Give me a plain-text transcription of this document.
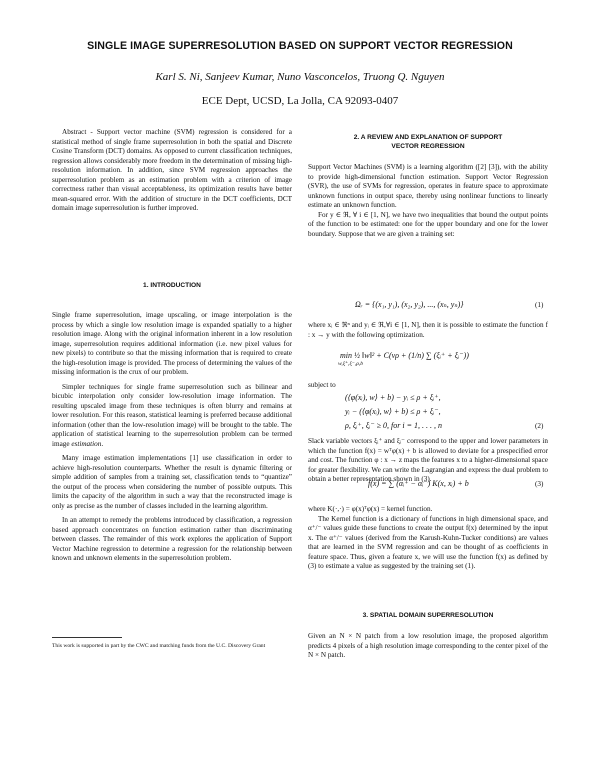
SINGLE IMAGE SUPERRESOLUTION BASED ON SUPPORT VECTOR REGRESSION
Karl S. Ni, Sanjeev Kumar, Nuno Vasconcelos, Truong Q. Nguyen
ECE Dept, UCSD, La Jolla, CA 92093-0407

Abstract - Support vector machine (SVM) regression is considered for a statistical method of single frame superresolution in both the spatial and Discrete Cosine Transform (DCT) domains. As opposed to current classification techniques, regression allows considerably more freedom in the determination of missing high-resolution information. In addition, since SVM regression approaches the superresolution problem as an estimation problem with a criterion of image correctness rather than visual acceptableness, its optimization results have better mean-squared error. With the addition of structure in the DCT coefficients, DCT domain image superresolution is further improved.

1. INTRODUCTION

Single frame superresolution, image upscaling, or image interpolation is the process by which a single low resolution image is expanded spatially to a higher resolution image. Along with the original information inherent in a low resolution image, superresolution requires additional information (i.e. new pixel values for new pixels) to contribute so that the missing information that is required to create the high-resolution image is provided. The process of determining the values of the missing information is the crux of our problem.

Simpler techniques for single frame superresolution such as bilinear and bicubic interpolation only consider low-resolution image information. The resulting upscaled image from these techniques is often blurry and remains at lower resolution. For this reason, statistical learning is preferred because additional information (other than the low-resolution image) will be brought to the table. The application of statistical learning to the superresolution problem can be termed image estimation.

Many image estimation implementations [1] use classification in order to achieve high-resolution counterparts. Whether the result is dynamic filtering or simple addition of samples from a training set, classification tends to “quantize” the output of the process when considering the number of possible outputs. This limits the capacity of the algorithm in such a way that the reconstructed image is only as precise as the number of classes included in the learning algorithm.

In an attempt to remedy the problems introduced by classification, a regression based approach concentrates on function estimation rather than discriminating between classes. The remainder of this work explores the application of Support Vector Machine regression to determine a regression for the relationship between known and unknown elements in the superresolution problem.

This work is supported in part by the CWC and matching funds from the U.C. Discovery Grant
2. A REVIEW AND EXPLANATION OF SUPPORT
VECTOR REGRESSION

Support Vector Machines (SVM) is a learning algorithm ([2] [3]), with the ability to provide high-dimensional function estimation. Support Vector Regression (SVR), the use of SVMs for regression, operates in feature space to approximate unknown functions in output space, thereby using nonlinear functions to linearly estimate an unknown function.

For y ∈ ℜ, ∀ i ∈ [1, N], we have two inequalities that bound the output points of the function to be estimated: one for the upper boundary and one for the lower boundary. Suppose that we are given a training set:

Ωᵣ = {(x₁, y₁), (x₂, y₂), ..., (xₙ, yₙ)}	(1)

where xᵢ ∈ ℜⁿ and yᵢ ∈ ℜ,∀i ∈ [1, N], then it is possible to estimate the function f : x → y with the following optimization.

min ½ ‖w‖² + C(νρ + (1/n) ∑ (ξᵢ⁺ + ξᵢ⁻))
w,ξ⁺,ξ⁻,ρ,b

subject to

(⟨φ(xᵢ), w⟩ + b) − yᵢ ≤ ρ + ξᵢ⁺,
yᵢ − (⟨φ(xᵢ), w⟩ + b) ≤ ρ + ξᵢ⁻,
ρ, ξᵢ⁺, ξᵢ⁻ ≥ 0, for i = 1, . . . , n	(2)

Slack variable vectors ξᵢ⁺ and ξᵢ⁻ correspond to the upper and lower parameters in which the function f(x) = wᵀφ(x) + b is allowed to deviate for a prespecified error and cost. The function φ : x → z maps the features x to a higher-dimensional space for greater flexibility. We can write the Lagrangian and express the dual problem to obtain a better representation shown in (3).

f(x) = ∑ (αᵢ⁺ − αᵢ⁻) K(x, xᵢ) + b	(3)

where K(·,·) = φ(x)ᵀφ(x) = kernel function.

The Kernel function is a dictionary of functions in high dimensional space, and α⁺/⁻ values guide these functions to create the output f(x) determined by the input x. The α⁺/⁻ values (derived from the Karush-Kuhn-Tucker conditions) are values that are learned in the SVM regression and can be thought of as coefficients in feature space. Thus, given a feature x, we will use the function f(x) as defined by (3) to estimate a value as suggested by the training set (1).

3. SPATIAL DOMAIN SUPERRESOLUTION

Given an N × N patch from a low resolution image, the proposed algorithm predicts 4 pixels of a high resolution image corresponding to the center pixel of the N × N patch.
